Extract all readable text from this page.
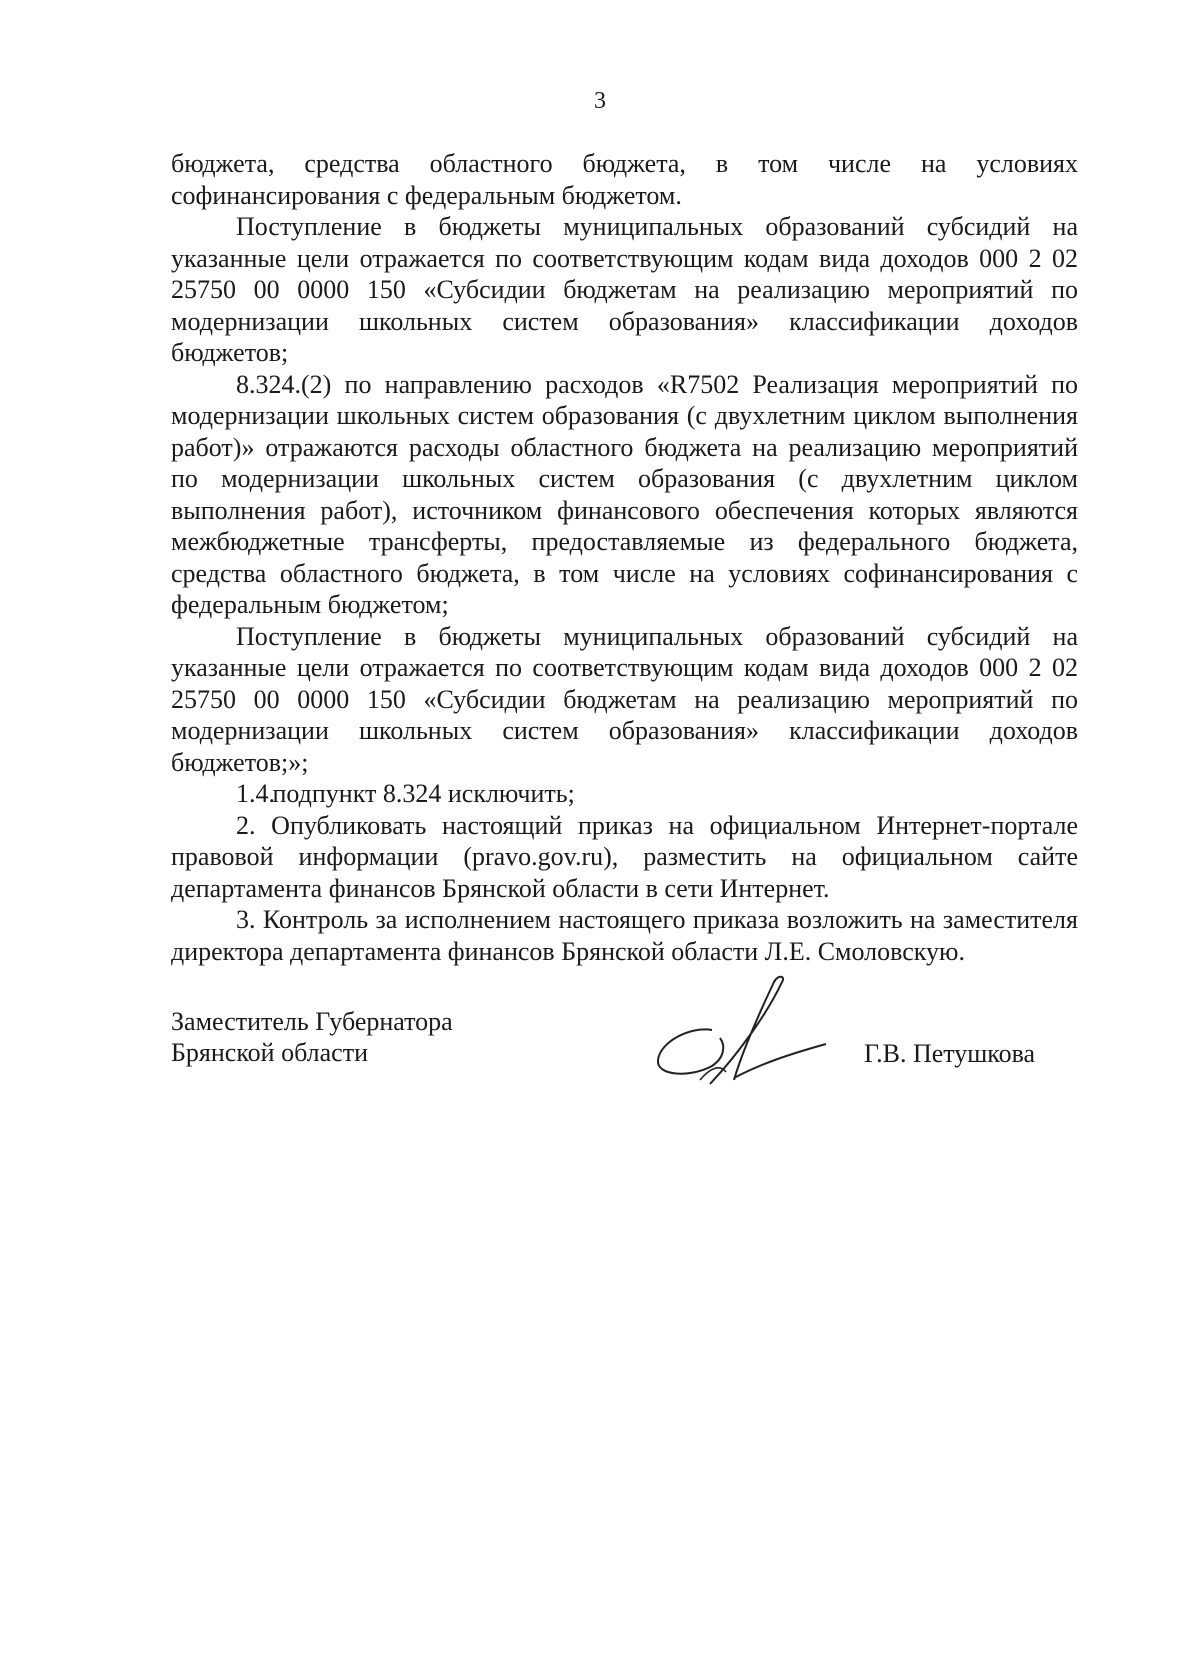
3

бюджета, средства областного бюджета, в том числе на условиях софинансирования с федеральным бюджетом.

Поступление в бюджеты муниципальных образований субсидий на указанные цели отражается по соответствующим кодам вида доходов 000 2 02 25750 00 0000 150 «Субсидии бюджетам на реализацию мероприятий по модернизации школьных систем образования» классификации доходов бюджетов;

8.324.(2) по направлению расходов «R7502 Реализация мероприятий по модернизации школьных систем образования (с двухлетним циклом выполнения работ)» отражаются расходы областного бюджета на реализацию мероприятий по модернизации школьных систем образования (с двухлетним циклом выполнения работ), источником финансового обеспечения которых являются межбюджетные трансферты, предоставляемые из федерального бюджета, средства областного бюджета, в том числе на условиях софинансирования с федеральным бюджетом;

Поступление в бюджеты муниципальных образований субсидий на указанные цели отражается по соответствующим кодам вида доходов 000 2 02 25750 00 0000 150 «Субсидии бюджетам на реализацию мероприятий по модернизации школьных систем образования» классификации доходов бюджетов;»;

1.4. подпункт 8.324 исключить;

2. Опубликовать настоящий приказ на официальном Интернет-портале правовой информации (pravo.gov.ru), разместить на официальном сайте департамента финансов Брянской области в сети Интернет.

3. Контроль за исполнением настоящего приказа возложить на заместителя директора департамента финансов Брянской области Л.Е. Смоловскую.

Заместитель Губернатора
Брянской области	Г.В. Петушкова
